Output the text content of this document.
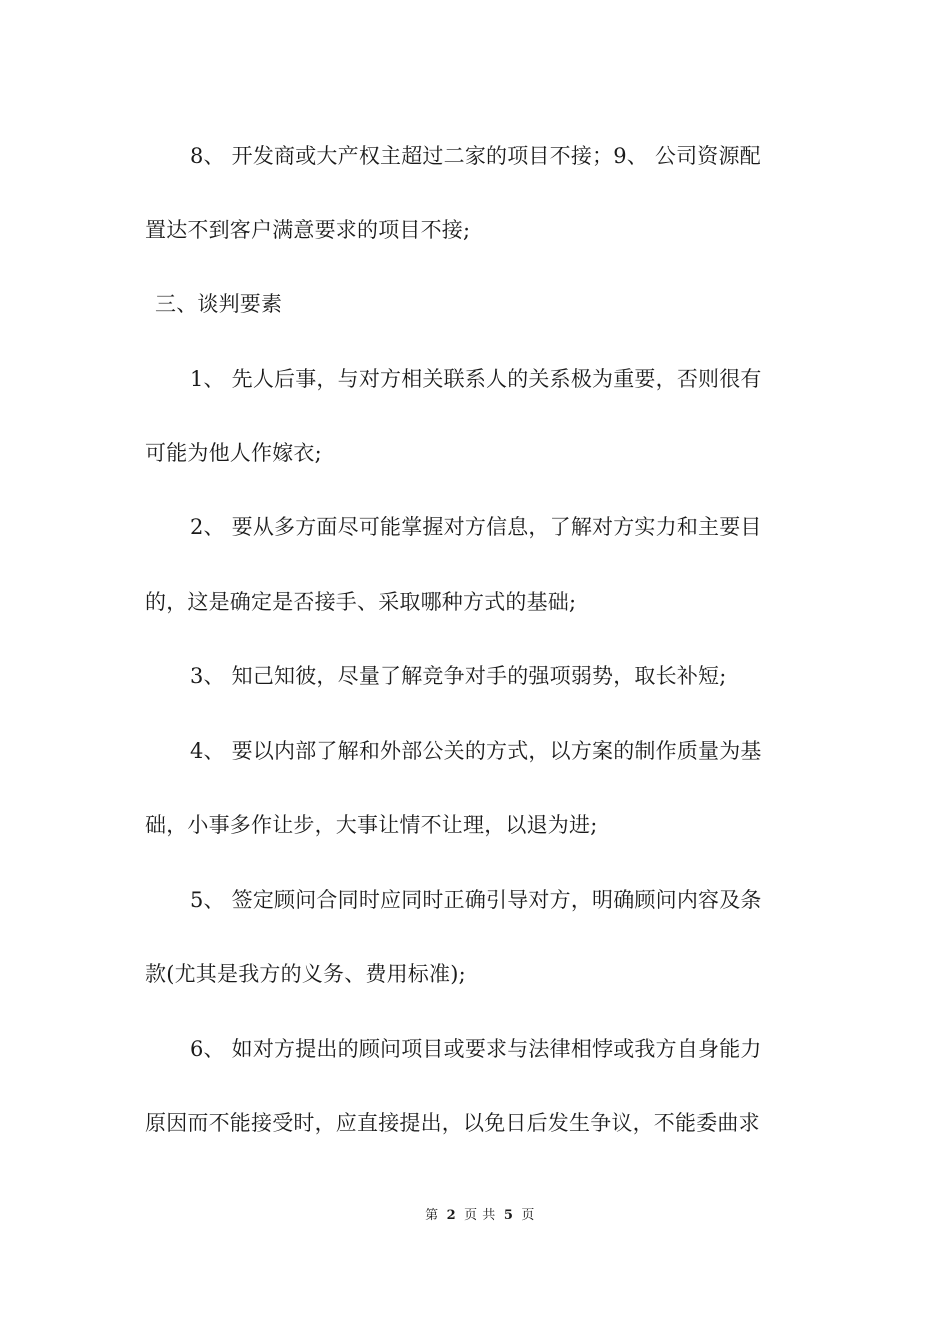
8、 开发商或大产权主超过二家的项目不接；9、 公司资源配
置达不到客户满意要求的项目不接;
三、谈判要素
1、 先人后事，与对方相关联系人的关系极为重要，否则很有
可能为他人作嫁衣;
2、 要从多方面尽可能掌握对方信息，了解对方实力和主要目
的，这是确定是否接手、采取哪种方式的基础;
3、 知己知彼，尽量了解竞争对手的强项弱势，取长补短;
4、 要以内部了解和外部公关的方式，以方案的制作质量为基
础，小事多作让步，大事让情不让理，以退为进;
5、 签定顾问合同时应同时正确引导对方，明确顾问内容及条
款(尤其是我方的义务、费用标准);
6、 如对方提出的顾问项目或要求与法律相悖或我方自身能力
原因而不能接受时，应直接提出，以免日后发生争议，不能委曲求
第 2 页 共 5 页
